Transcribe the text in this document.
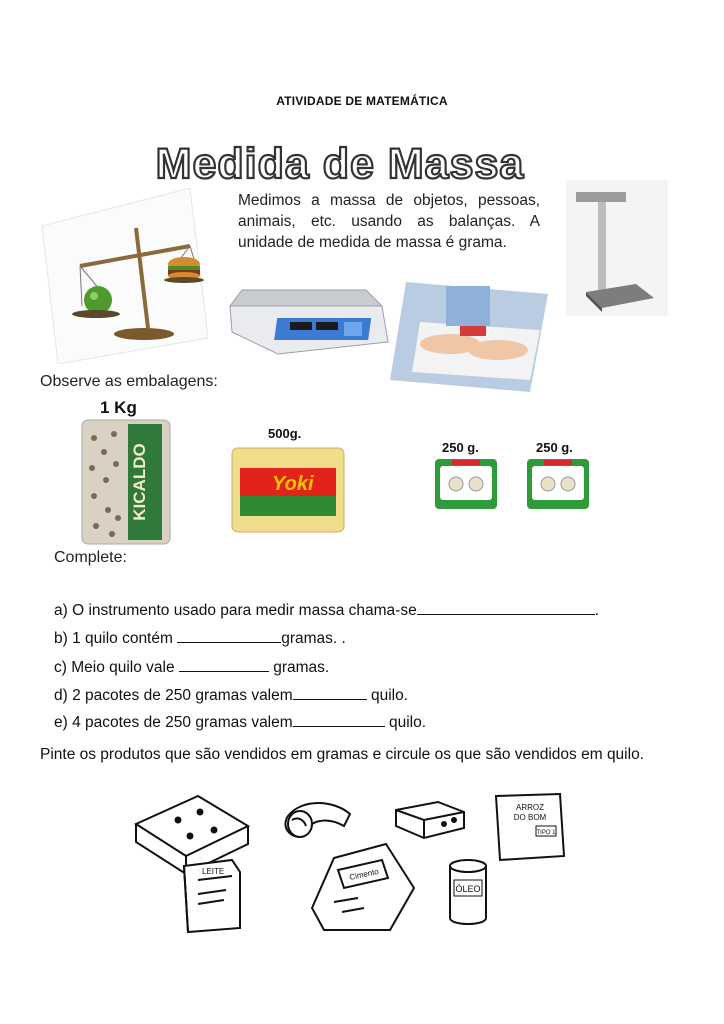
ATIVIDADE DE MATEMÁTICA
Medida de Massa
Medimos a massa de objetos, pessoas, animais, etc. usando as balanças. A unidade de medida de massa é grama.
Observe as embalagens:
1 Kg
500g.
250 g.	250 g.
KICALDO	Yoki
Complete:
a) O instrumento usado para medir massa chama-se	.
b) 1 quilo contém	gramas. .
c) Meio quilo vale	gramas.
d) 2 pacotes de 250 gramas valem	quilo.
e) 4 pacotes de 250 gramas valem	quilo.
Pinte os produtos que são vendidos em gramas e circule os que são vendidos em quilo.
ARROZ
DO BOM
TIPO 1
LEITE	Cimento
ÓLEO
